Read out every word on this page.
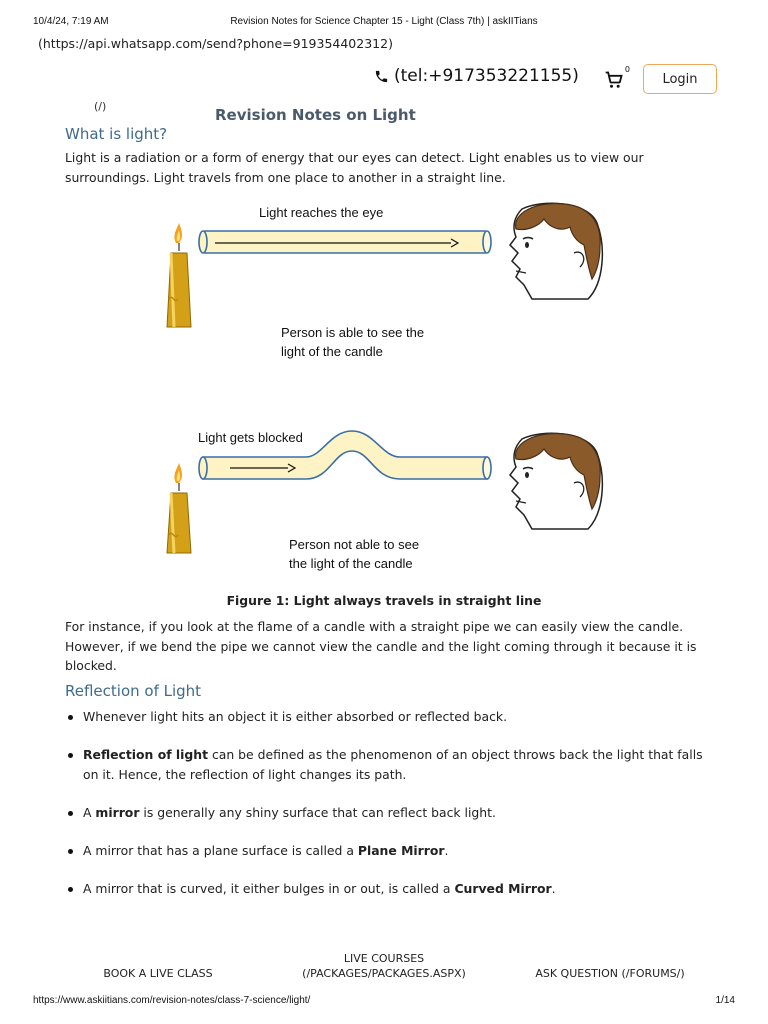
10/4/24, 7:19 AM	Revision Notes for Science Chapter 15 - Light (Class 7th) | askIITians
(https://api.whatsapp.com/send?phone=919354402312)
(tel:+917353221155)	0
Login
(/)	Revision Notes on Light
What is light?

Light is a radiation or a form of energy that our eyes can detect. Light enables us to view our surroundings. Light travels from one place to another in a straight line.

Light reaches the eye
Person is able to see the
light of the candle
Light gets blocked
Person not able to see
the light of the candle
Figure 1: Light always travels in straight line

For instance, if you look at the flame of a candle with a straight pipe we can easily view the candle. However, if we bend the pipe we cannot view the candle and the light coming through it because it is blocked.

Reflection of Light
Whenever light hits an object it is either absorbed or reflected back.
Reflection of light can be defined as the phenomenon of an object throws back the light that falls on it. Hence, the reflection of light changes its path.
A mirror is generally any shiny surface that can reflect back light.
A mirror that has a plane surface is called a Plane Mirror.
A mirror that is curved, it either bulges in or out, is called a Curved Mirror.
BOOK A LIVE CLASS
LIVE COURSES
(/PACKAGES/PACKAGES.ASPX)	ASK QUESTION (/FORUMS/)
https://www.askiitians.com/revision-notes/class-7-science/light/	1/14
